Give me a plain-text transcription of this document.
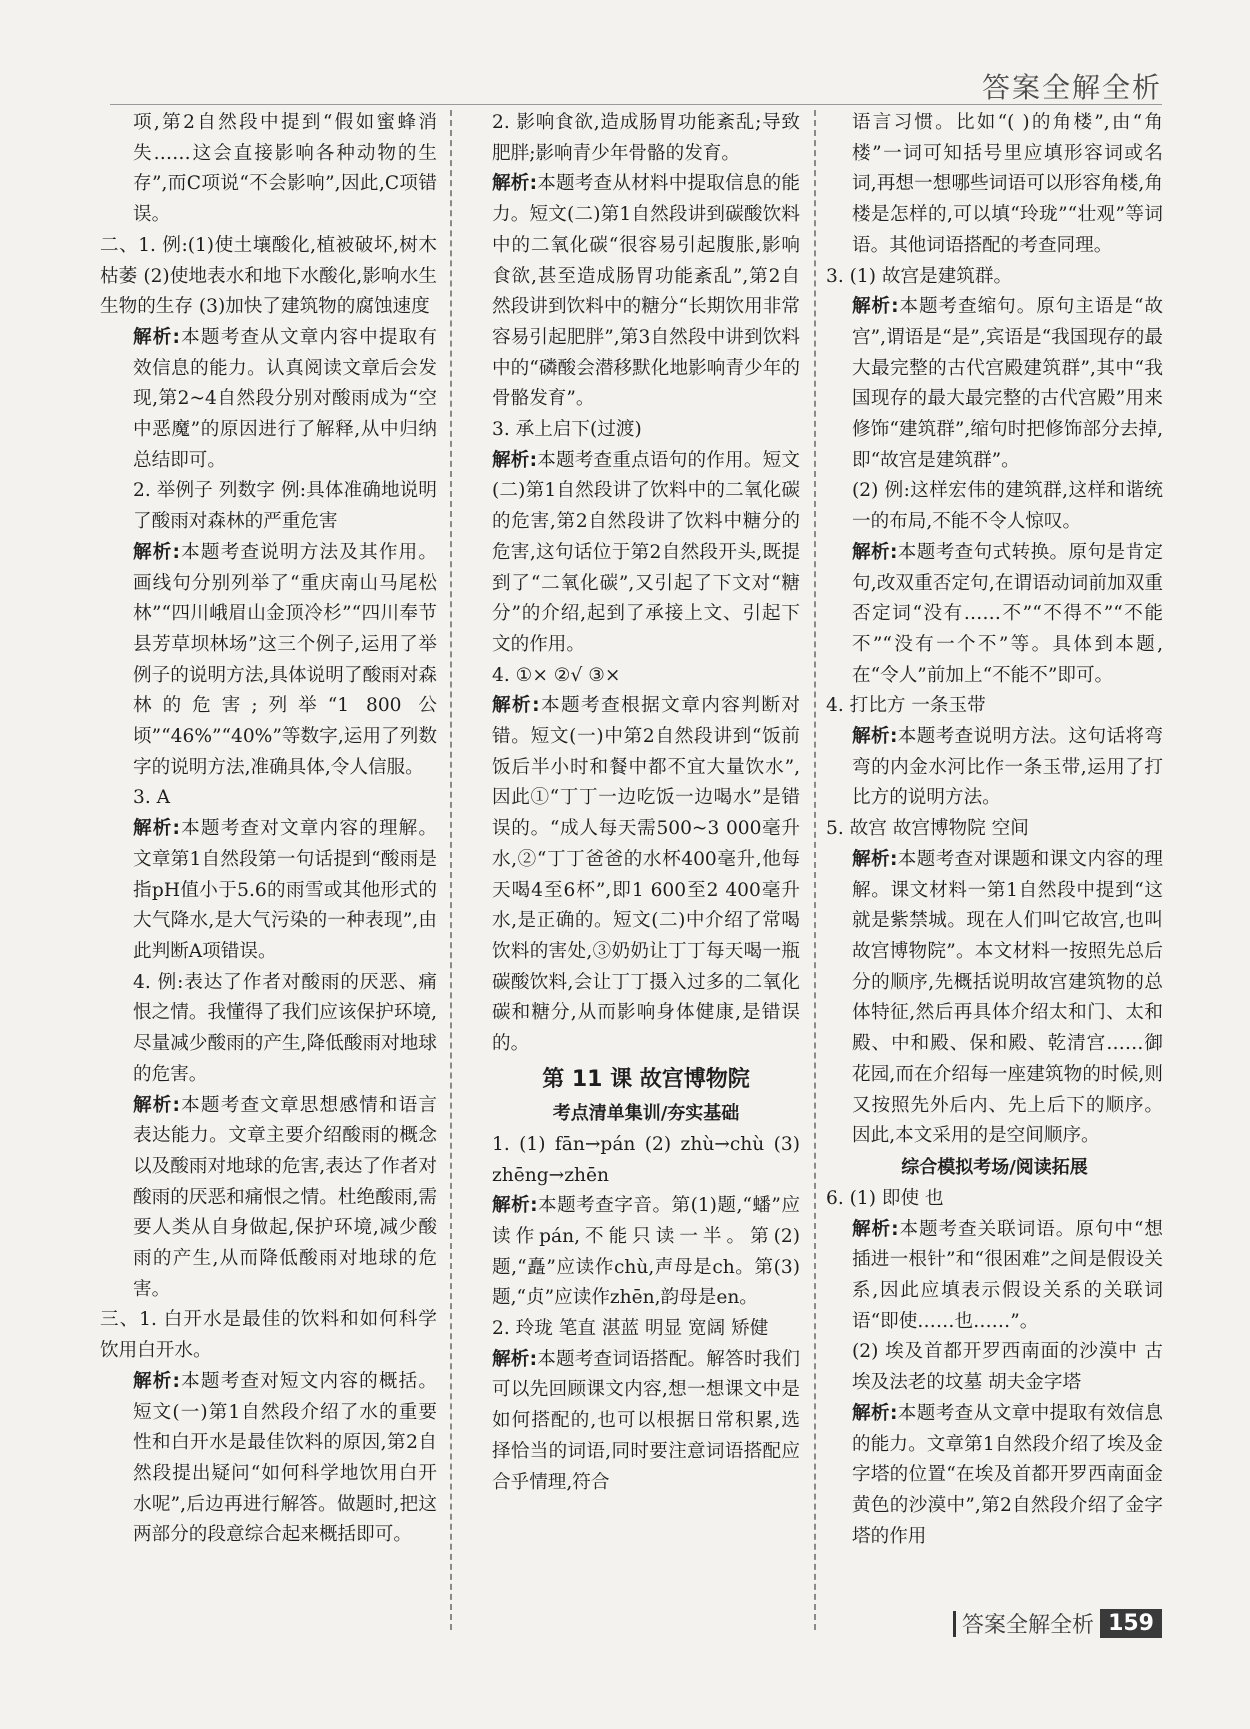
答案全解全析

项,第2自然段中提到“假如蜜蜂消失……这会直接影响各种动物的生存”,而C项说“不会影响”,因此,C项错误。

二、1. 例:(1)使土壤酸化,植被破坏,树木枯萎 (2)使地表水和地下水酸化,影响水生生物的生存 (3)加快了建筑物的腐蚀速度

解析:本题考查从文章内容中提取有效信息的能力。认真阅读文章后会发现,第2~4自然段分别对酸雨成为“空中恶魔”的原因进行了解释,从中归纳总结即可。

2. 举例子 列数字 例:具体准确地说明了酸雨对森林的严重危害

解析:本题考查说明方法及其作用。画线句分别列举了“重庆南山马尾松林”“四川峨眉山金顶冷杉”“四川奉节县芳草坝林场”这三个例子,运用了举例子的说明方法,具体说明了酸雨对森林的危害;列举“1 800 公顷”“46%”“40%”等数字,运用了列数字的说明方法,准确具体,令人信服。

3. A

解析:本题考查对文章内容的理解。文章第1自然段第一句话提到“酸雨是指pH值小于5.6的雨雪或其他形式的大气降水,是大气污染的一种表现”,由此判断A项错误。

4. 例:表达了作者对酸雨的厌恶、痛恨之情。我懂得了我们应该保护环境,尽量减少酸雨的产生,降低酸雨对地球的危害。

解析:本题考查文章思想感情和语言表达能力。文章主要介绍酸雨的概念以及酸雨对地球的危害,表达了作者对酸雨的厌恶和痛恨之情。杜绝酸雨,需要人类从自身做起,保护环境,减少酸雨的产生,从而降低酸雨对地球的危害。

三、1. 白开水是最佳的饮料和如何科学饮用白开水。

解析:本题考查对短文内容的概括。短文(一)第1自然段介绍了水的重要性和白开水是最佳饮料的原因,第2自然段提出疑问“如何科学地饮用白开水呢”,后边再进行解答。做题时,把这两部分的段意综合起来概括即可。

2. 影响食欲,造成肠胃功能紊乱;导致肥胖;影响青少年骨骼的发育。

解析:本题考查从材料中提取信息的能力。短文(二)第1自然段讲到碳酸饮料中的二氧化碳“很容易引起腹胀,影响食欲,甚至造成肠胃功能紊乱”,第2自然段讲到饮料中的糖分“长期饮用非常容易引起肥胖”,第3自然段中讲到饮料中的“磷酸会潜移默化地影响青少年的骨骼发育”。

3. 承上启下(过渡)

解析:本题考查重点语句的作用。短文(二)第1自然段讲了饮料中的二氧化碳的危害,第2自然段讲了饮料中糖分的危害,这句话位于第2自然段开头,既提到了“二氧化碳”,又引起了下文对“糖分”的介绍,起到了承接上文、引起下文的作用。

4. ①× ②√ ③×

解析:本题考查根据文章内容判断对错。短文(一)中第2自然段讲到“饭前饭后半小时和餐中都不宜大量饮水”,因此①“丁丁一边吃饭一边喝水”是错误的。“成人每天需500~3 000毫升水,②“丁丁爸爸的水杯400毫升,他每天喝4至6杯”,即1 600至2 400毫升水,是正确的。短文(二)中介绍了常喝饮料的害处,③奶奶让丁丁每天喝一瓶碳酸饮料,会让丁丁摄入过多的二氧化碳和糖分,从而影响身体健康,是错误的。

第 11 课 故宫博物院

考点清单集训/夯实基础

1. (1) fān→pán (2) zhù→chù (3) zhēng→zhēn

解析:本题考查字音。第(1)题,“蟠”应读作pán,不能只读一半。第(2)题,“矗”应读作chù,声母是ch。第(3)题,“贞”应读作zhēn,韵母是en。

2. 玲珑 笔直 湛蓝 明显 宽阔 矫健

解析:本题考查词语搭配。解答时我们可以先回顾课文内容,想一想课文中是如何搭配的,也可以根据日常积累,选择恰当的词语,同时要注意词语搭配应合乎情理,符合

语言习惯。比如“( )的角楼”,由“角楼”一词可知括号里应填形容词或名词,再想一想哪些词语可以形容角楼,角楼是怎样的,可以填“玲珑”“壮观”等词语。其他词语搭配的考查同理。

3. (1) 故宫是建筑群。

解析:本题考查缩句。原句主语是“故宫”,谓语是“是”,宾语是“我国现存的最大最完整的古代宫殿建筑群”,其中“我国现存的最大最完整的古代宫殿”用来修饰“建筑群”,缩句时把修饰部分去掉,即“故宫是建筑群”。

(2) 例:这样宏伟的建筑群,这样和谐统一的布局,不能不令人惊叹。

解析:本题考查句式转换。原句是肯定句,改双重否定句,在谓语动词前加双重否定词“没有……不”“不得不”“不能不”“没有一个不”等。具体到本题,在“令人”前加上“不能不”即可。

4. 打比方 一条玉带

解析:本题考查说明方法。这句话将弯弯的内金水河比作一条玉带,运用了打比方的说明方法。

5. 故宫 故宫博物院 空间

解析:本题考查对课题和课文内容的理解。课文材料一第1自然段中提到“这就是紫禁城。现在人们叫它故宫,也叫故宫博物院”。本文材料一按照先总后分的顺序,先概括说明故宫建筑物的总体特征,然后再具体介绍太和门、太和殿、中和殿、保和殿、乾清宫……御花园,而在介绍每一座建筑物的时候,则又按照先外后内、先上后下的顺序。因此,本文采用的是空间顺序。

综合模拟考场/阅读拓展

6. (1) 即使 也

解析:本题考查关联词语。原句中“想插进一根针”和“很困难”之间是假设关系,因此应填表示假设关系的关联词语“即使……也……”。

(2) 埃及首都开罗西南面的沙漠中 古埃及法老的坟墓 胡夫金字塔

解析:本题考查从文章中提取有效信息的能力。文章第1自然段介绍了埃及金字塔的位置“在埃及首都开罗西南面金黄色的沙漠中”,第2自然段介绍了金字塔的作用

答案全解全析 159
